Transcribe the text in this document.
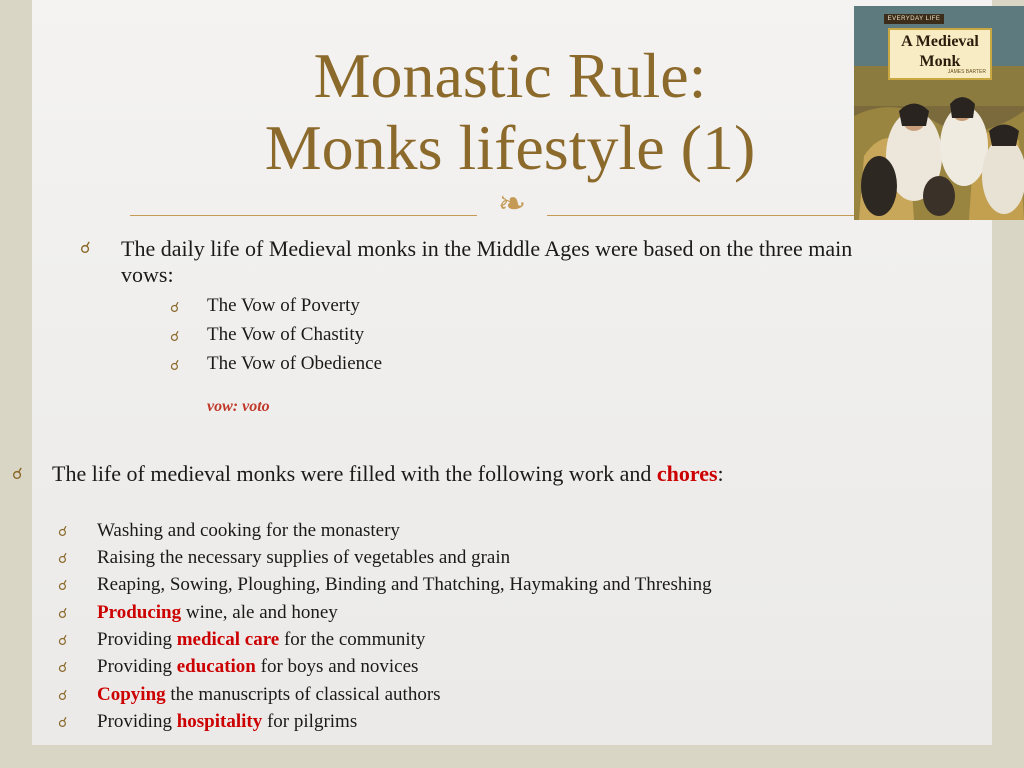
Monastic Rule:
Monks lifestyle (1)
❧
EVERYDAY LIFE
A Medieval
Monk
JAMES BARTER
☌ The daily life of Medieval monks in the Middle Ages were based on the three main vows:
☌ The Vow of Poverty
☌ The Vow of Chastity
☌ The Vow of Obedience
vow: voto
☌ The life of medieval monks were filled with the following work and chores:
☌ Washing and cooking for the monastery
☌ Raising the necessary supplies of vegetables and grain
☌ Reaping, Sowing, Ploughing, Binding and Thatching, Haymaking and Threshing
☌ Producing wine, ale and honey
☌ Providing medical care for the community
☌ Providing education for boys and novices
☌ Copying the manuscripts of classical authors
☌ Providing hospitality for pilgrims
